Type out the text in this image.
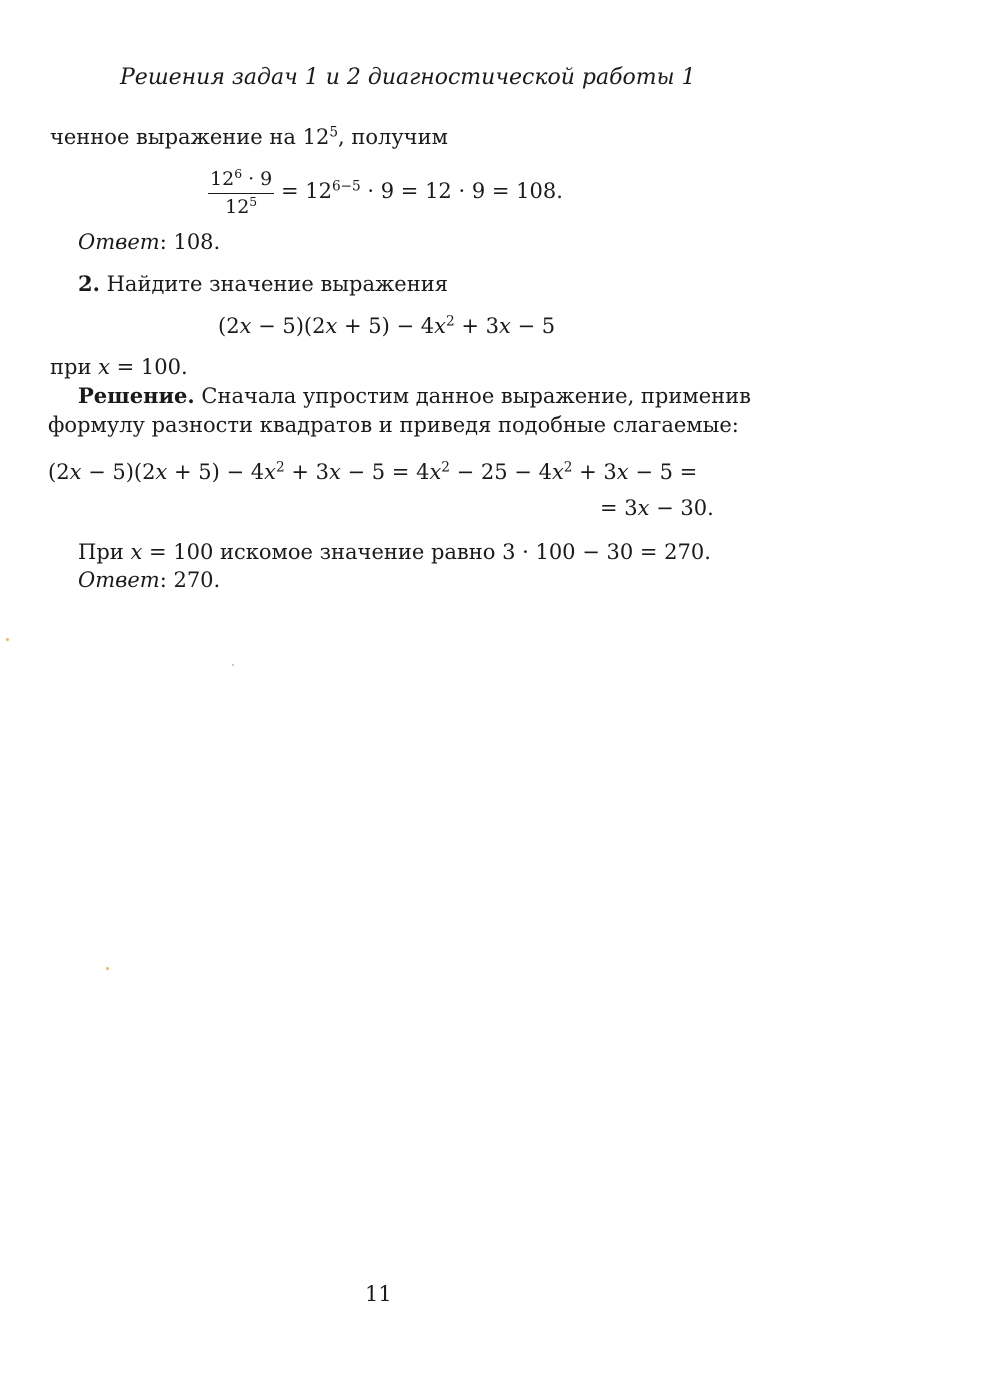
Решения задач 1 и 2 диагностической работы 1
ченное выражение на $12^5$, получим
$\frac{12^6 \cdot 9}{12^5} = 12^{6-5} \cdot 9 = 12 \cdot 9 = 108$.
Ответ: 108.
2. Найдите значение выражения
$(2x - 5)(2x + 5) - 4x^2 + 3x - 5$
при x = 100.
Решение. Сначала упростим данное выражение, применив
формулу разности квадратов и приведя подобные слагаемые:
$(2x - 5)(2x + 5) - 4x^2 + 3x - 5 = 4x^2 - 25 - 4x^2 + 3x - 5$ =
= 3x − 30.
При x = 100 искомое значение равно 3 · 100 − 30 = 270.
Ответ: 270.
11
